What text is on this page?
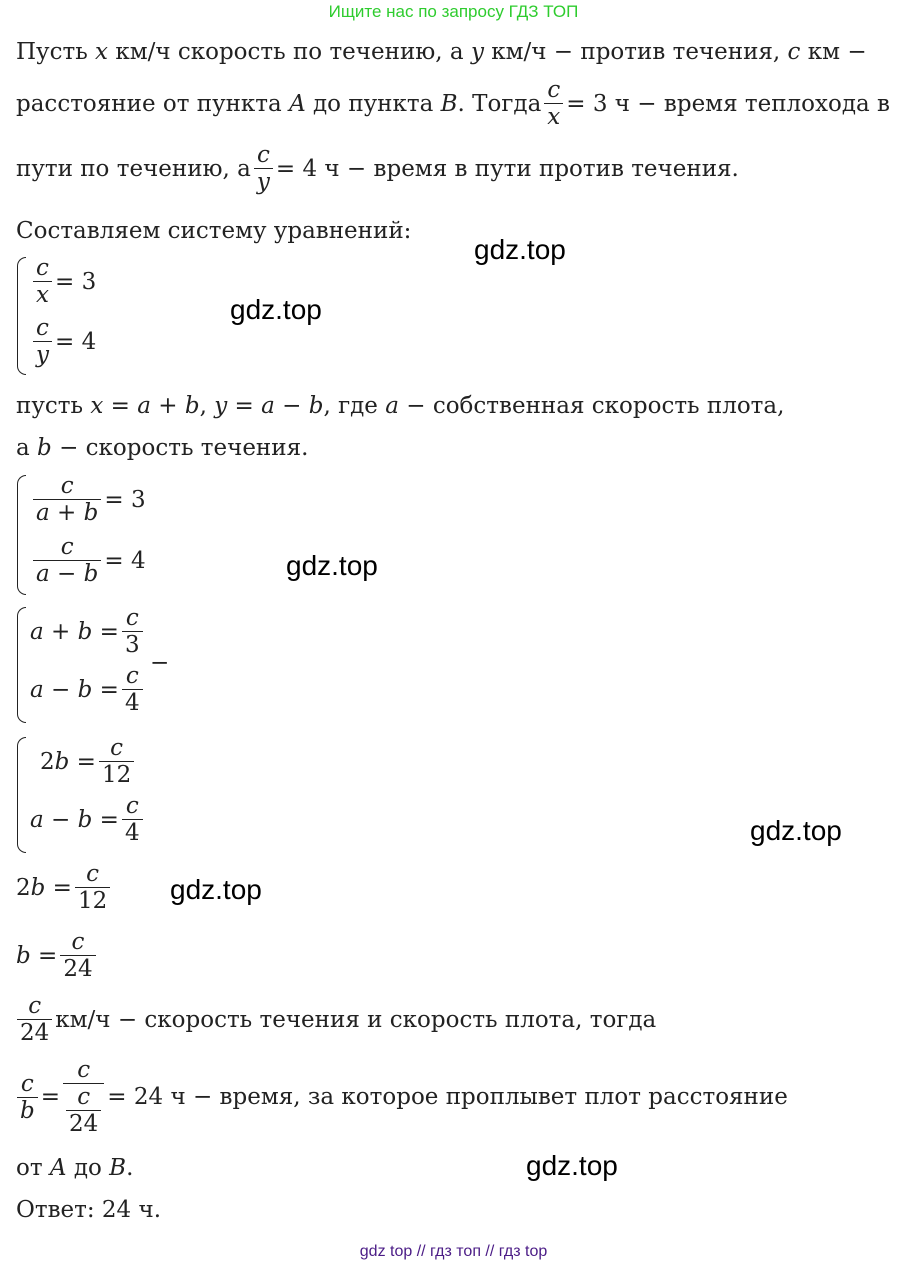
Ищите нас по запросу ГДЗ ТОП
Пусть x км/ч скорость по течению, а y км/ч − против течения, c км −
расстояние от пункта
A
до пункта
B . Тогда $\frac{c}{x} = 3$ ч − время теплохода в
пути по течению, а $\frac{c}{y} = 4$ ч − время в пути против течения.
Составляем систему уравнений:
$\frac{c}{x} = 3$
$\frac{c}{y} = 4$
пусть x = a + b, y = a − b, где a − собственная скорость плота,
а b − скорость течения.
$\frac{c}{a + b} = 3$
$\frac{c}{a - b} = 4$
$a + b = \frac{c}{3}$
−
$a - b = \frac{c}{4}$
$2b = \frac{c}{12}$
$a - b = \frac{c}{4}$
$2b = \frac{c}{12}$
$b = \frac{c}{24}$
$\frac{c}{24} км/ч$ − скорость течения и скорость плота, тогда
$\frac{c}{b} = \frac{c}{\frac{c}{24}} = 24$ ч − время, за которое проплывет плот расстояние
от A до B.
Ответ: 24 ч.
gdz.top
gdz.top
gdz.top
gdz.top
gdz.top
gdz.top
gdz top // гдз топ // гдз top
